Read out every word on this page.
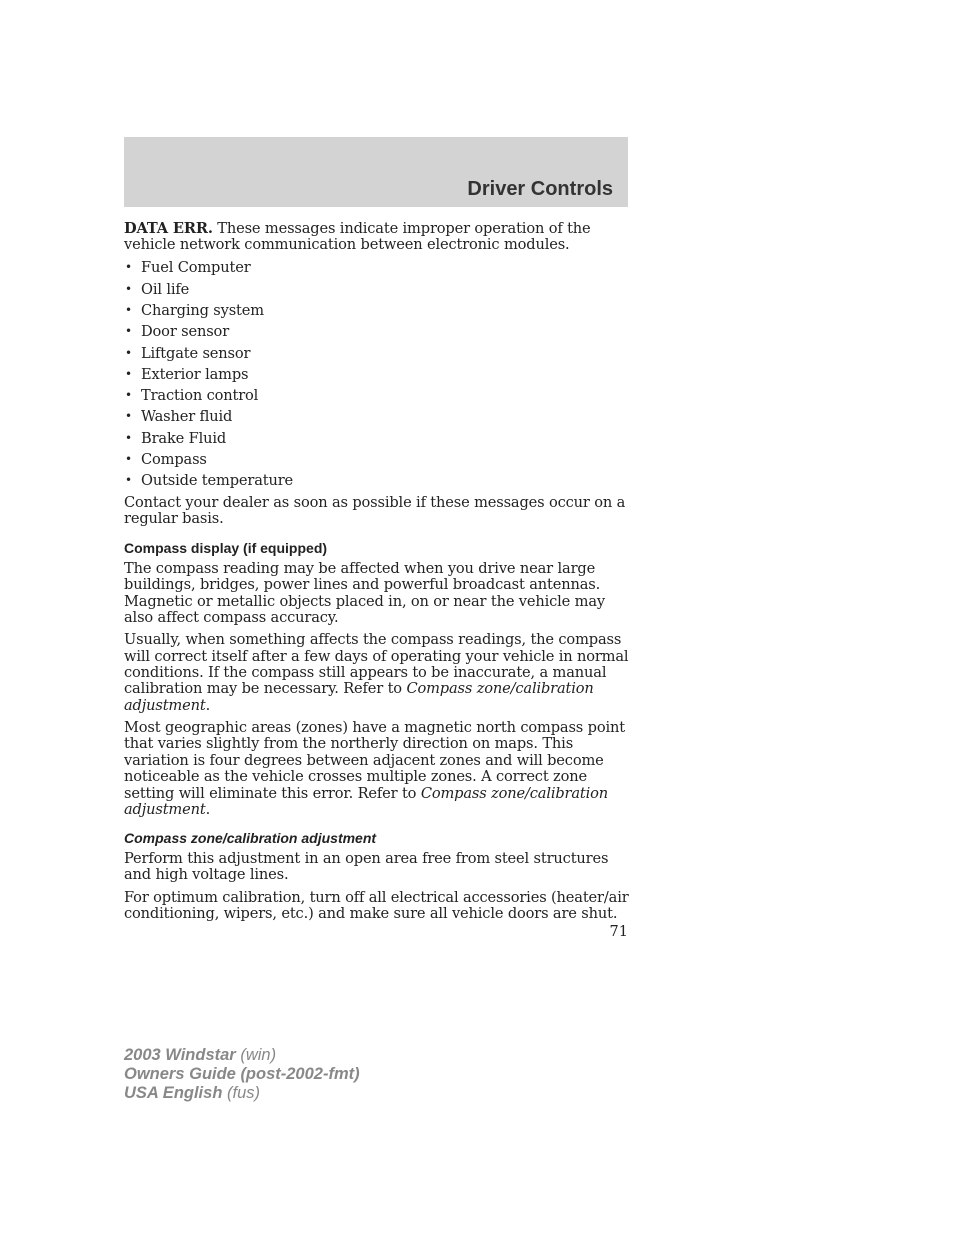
Driver Controls

DATA ERR. These messages indicate improper operation of the vehicle network communication between electronic modules.

• Fuel Computer
• Oil life
• Charging system
• Door sensor
• Liftgate sensor
• Exterior lamps
• Traction control
• Washer fluid
• Brake Fluid
• Compass
• Outside temperature

Contact your dealer as soon as possible if these messages occur on a regular basis.

Compass display (if equipped)

The compass reading may be affected when you drive near large buildings, bridges, power lines and powerful broadcast antennas. Magnetic or metallic objects placed in, on or near the vehicle may also affect compass accuracy.

Usually, when something affects the compass readings, the compass will correct itself after a few days of operating your vehicle in normal conditions. If the compass still appears to be inaccurate, a manual calibration may be necessary. Refer to Compass zone/calibration adjustment.

Most geographic areas (zones) have a magnetic north compass point that varies slightly from the northerly direction on maps. This variation is four degrees between adjacent zones and will become noticeable as the vehicle crosses multiple zones. A correct zone setting will eliminate this error. Refer to Compass zone/calibration adjustment.

Compass zone/calibration adjustment

Perform this adjustment in an open area free from steel structures and high voltage lines.

For optimum calibration, turn off all electrical accessories (heater/air conditioning, wipers, etc.) and make sure all vehicle doors are shut.

71
2003 Windstar (win)
Owners Guide (post-2002-fmt)
USA English (fus)
